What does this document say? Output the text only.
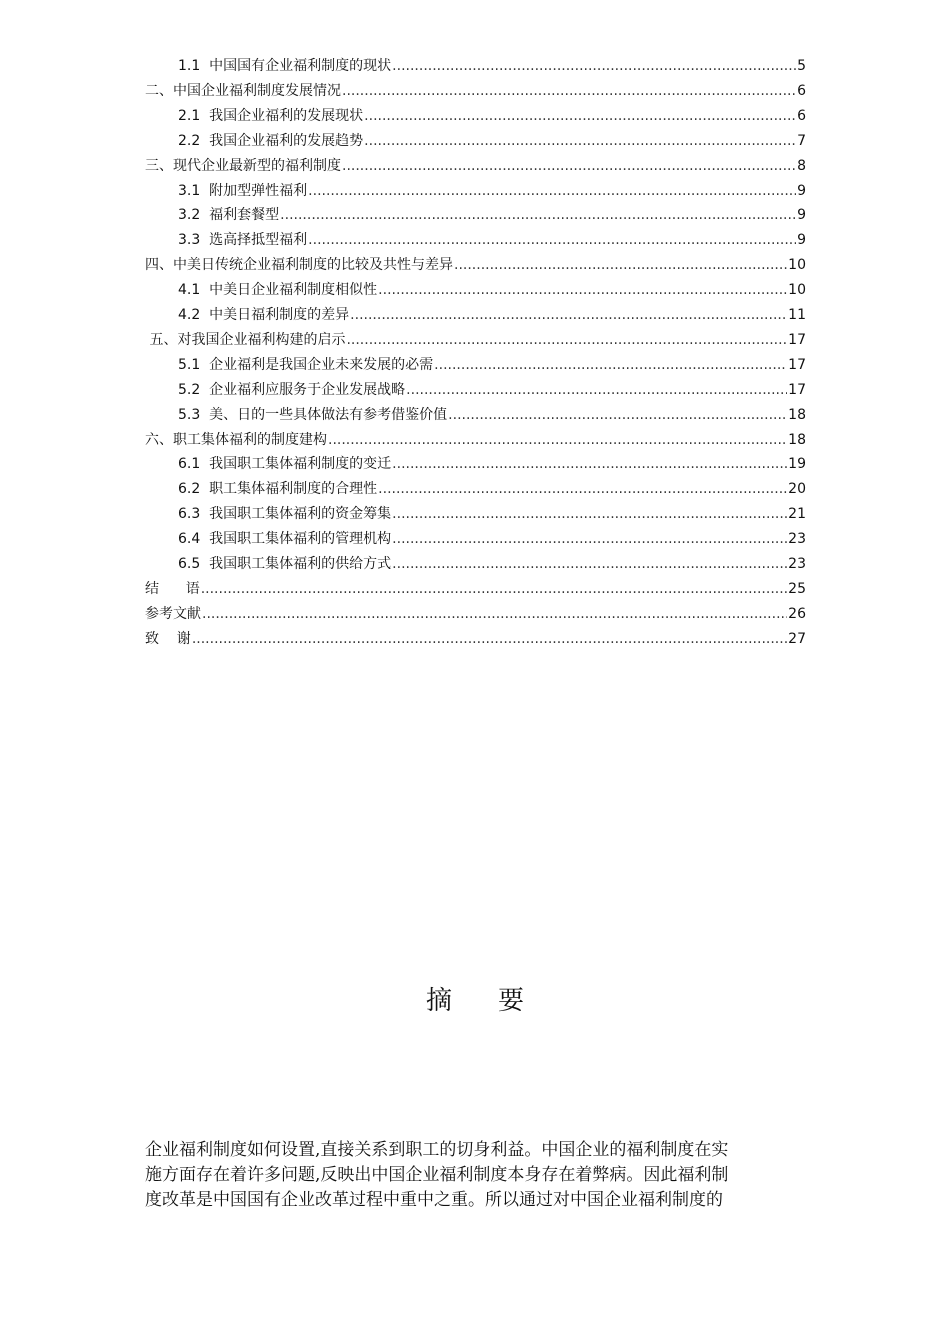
1.1  中国国有企业福利制度的现状 .....	5
二、中国企业福利制度发展情况 .....	6
2.1  我国企业福利的发展现状 .....	6
2.2  我国企业福利的发展趋势 .....	7
三、现代企业最新型的福利制度 .....	8
3.1  附加型弹性福利 .....	9
3.2  福利套餐型 .....	9
3.3  选高择抵型福利 .....	9
四、中美日传统企业福利制度的比较及共性与差异 .....	10
4.1  中美日企业福利制度相似性 .....	10
4.2  中美日福利制度的差异 .....	11
五、对我国企业福利构建的启示 .....	17
5.1  企业福利是我国企业未来发展的必需 .....	17
5.2  企业福利应服务于企业发展战略 .....	17
5.3  美、日的一些具体做法有参考借鉴价值 .....	18
六、职工集体福利的制度建构 .....	18
6.1  我国职工集体福利制度的变迁 .....	19
6.2  职工集体福利制度的合理性 .....	20
6.3  我国职工集体福利的资金筹集 .....	21
6.4  我国职工集体福利的管理机构 .....	23
6.5  我国职工集体福利的供给方式 .....	23
结      语 .....	25
参考文献 .....	26
致    谢 .....	27
摘要
企业福利制度如何设置,直接关系到职工的切身利益。中国企业的福利制度在实
施方面存在着许多问题,反映出中国企业福利制度本身存在着弊病。因此福利制
度改革是中国国有企业改革过程中重中之重。所以通过对中国企业福利制度的
